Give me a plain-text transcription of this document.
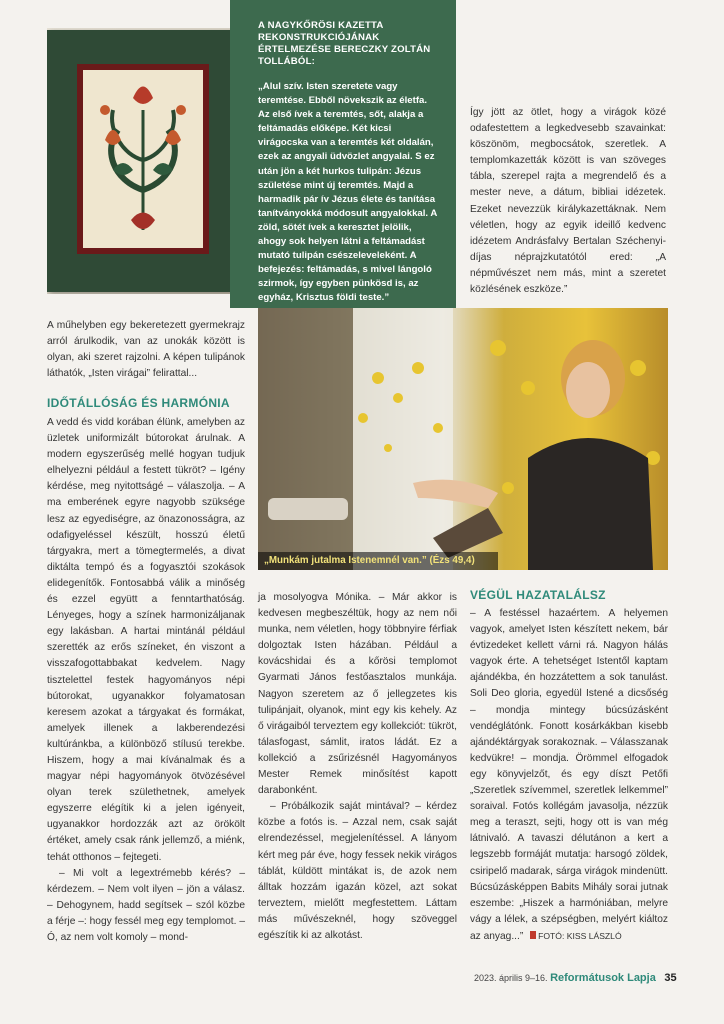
A NAGYKŐRÖSI KAZETTA REKONSTRUKCIÓJÁNAK ÉRTELMEZÉSE BERECZKY ZOLTÁN TOLLÁBÓL:
„Alul szív. Isten szeretete vagy teremtése. Ebből növekszik az életfa. Az első ívek a teremtés, sőt, alakja a feltámadás előképe. Két kicsi virágocska van a teremtés két oldalán, ezek az angyali üdvözlet angyalai. S ez után jön a két hurkos tulipán: Jézus születése mint új teremtés. Majd a harmadik pár ív Jézus élete és tanítása tanítványokká módosult angyalokkal. A zöld, sötét ívek a keresztet jelölik, ahogy sok helyen látni a feltámadást mutató tulipán csészeleveleként. A befejezés: feltámadás, s mivel lángoló szirmok, így egyben pünkösd is, az egyház, Krisztus földi teste.”
Így jött az ötlet, hogy a virágok közé odafestettem a legkedvesebb szavainkat: köszönöm, megbocsátok, szeretlek. A templomkazetták között is van szöveges tábla, szerepel rajta a megrendelő és a mester neve, a dátum, bibliai idézetek. Ezeket nevezzük királykazettáknak. Nem véletlen, hogy az egyik ideillő kedvenc idézetem Andrásfalvy Bertalan Széchenyi-díjas néprajzkutatótól ered: „A népművészet nem más, mint a szeretet közlésének eszköze.”
A műhelyben egy bekeretezett gyermekrajz arról árulkodik, van az unokák között is olyan, aki szeret rajzolni. A képen tulipánok láthatók, „Isten virágai” felirattal...
IDŐTÁLLÓSÁG ÉS HARMÓNIA

A vedd és vidd korában élünk, amelyben az üzletek uniformizált bútorokat árulnak. A modern egyszerűség mellé hogyan tudjuk elhelyezni például a festett tükröt? – Igény kérdése, meg nyitottságé – válaszolja. – A ma emberének egyre nagyobb szüksége lesz az egyediségre, az önazonosságra, az odafigyeléssel készült, hosszú életű tárgyakra, mert a tömegtermelés, a divat diktálta tempó és a fogyasztói szokások elidegenítők. Fontosabbá válik a minőség és ezzel együtt a fenntarthatóság. Lényeges, hogy a színek harmonizáljanak egy lakásban. A hartai mintánál például szerették az erős színeket, én viszont a visszafogottabbakat kedvelem. Nagy tisztelettel festek hagyományos népi bútorokat, ugyanakkor folyamatosan keresem azokat a tárgyakat és formákat, amelyek illenek a lakberendezési kultúránkba, a különböző stílusú terekbe. Hiszem, hogy a mai kívánalmak és a magyar népi hagyományok ötvözésével olyan terek születhetnek, amelyek egyszerre elégítik ki a jelen igényeit, ugyanakkor hordozzák azt az örökölt értéket, amely csak ránk jellemző, a miénk, tehát otthonos – fejtegeti.

– Mi volt a legextrémebb kérés? – kérdezem. – Nem volt ilyen – jön a válasz. – Dehogynem, hadd segítsek – szól közbe a férje –: hogy fessél meg egy templomot. – Ó, az nem volt komoly – mond-

„Munkám jutalma Istenemnél van.” (Ézs 49,4)

ja mosolyogva Mónika. – Már akkor is kedvesen megbeszéltük, hogy az nem női munka, nem véletlen, hogy többnyire férfiak dolgoztak Isten házában. Például a kovácshidai és a kőrösi templomot Gyarmati János festőasztalos munkája. Nagyon szeretem az ő jellegzetes kis tulipánjait, olyanok, mint egy kis kehely. Az ő virágaiból terveztem egy kollekciót: tükröt, tálasfogast, sámlit, iratos ládát. Ez a kollekció a zsűrizésnél Hagyományos Mester Remek minősítést kapott darabonként.

– Próbálkozik saját mintával? – kérdez közbe a fotós is. – Azzal nem, csak saját elrendezéssel, megjelenítéssel. A lányom kért meg pár éve, hogy fessek nekik virágos táblát, küldött mintákat is, de azok nem álltak hozzám igazán közel, azt sokat terveztem, mielőtt megfestettem. Láttam más művészeknél, hogy szöveggel egészítik ki az alkotást.

VÉGÜL HAZATALÁLSZ
– A festéssel hazaértem. A helyemen vagyok, amelyet Isten készített nekem, bár évtizedeket kellett várni rá. Nagyon hálás vagyok érte. A tehetséget Istentől kaptam ajándékba, én hozzátettem a sok tanulást. Soli Deo gloria, egyedül Istené a dicsőség – mondja mintegy búcsúzásként vendéglátónk. Fonott kosárkákban kisebb ajándéktárgyak sorakoznak. – Válasszanak kedvükre! – mondja. Örömmel elfogadok egy könyvjelzőt, és egy díszt Petőfi „Szeretlek szívemmel, szeretlek lelkemmel” soraival. Fotós kollégám javasolja, nézzük meg a teraszt, sejti, hogy ott is van még látnivaló. A tavaszi délutánon a kert a legszebb formáját mutatja: harsogó zöldek, csiripelő madarak, sárga virágok mindenütt. Búcsúzásképpen Babits Mihály sorai jutnak eszembe: „Hiszek a harmóniában, melyre vágy a lélek, a szépségben, melyért kiáltoz az anyag...” FOTÓ: KISS LÁSZLÓ
2023. április 9–16. Reformátusok Lapja 35
